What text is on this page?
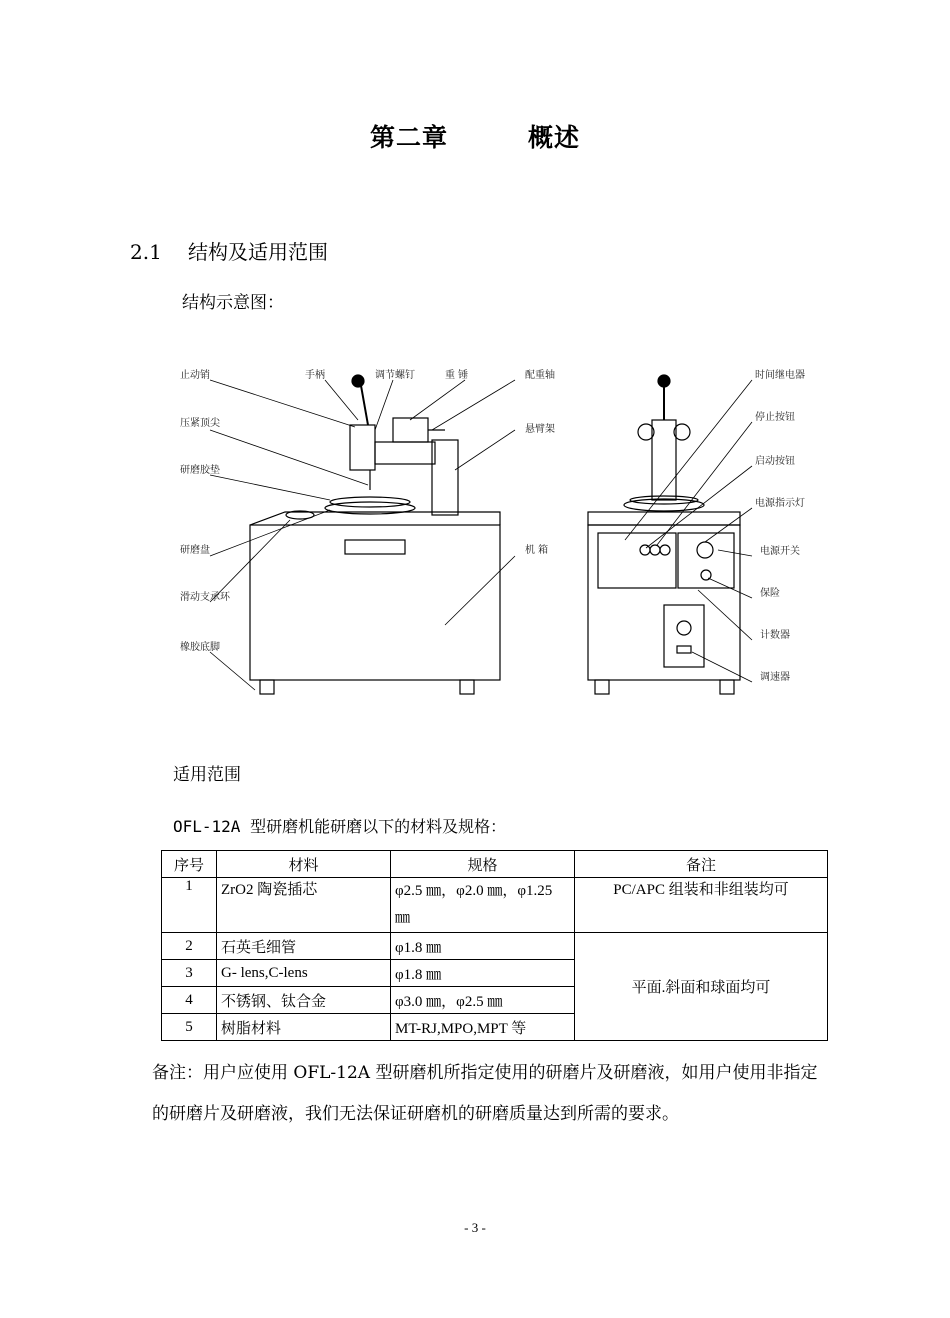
第二章	概述
2.1 结构及适用范围
结构示意图：
止动销
压紧顶尖
研磨胶垫
研磨盘
滑动支承环
橡胶底脚
手柄	调节螺钉	重 锤	配重轴
悬臂架
机 箱
时间继电器
停止按钮
启动按钮
电源指示灯
电源开关
保险
计数器
调速器
适用范围
OFL-12A 型研磨机能研磨以下的材料及规格：
序号	材料	规格	备注
1	ZrO2 陶瓷插芯	φ2.5 ㎜，φ2.0 ㎜，φ1.25 ㎜	PC/APC 组装和非组装均可
2	石英毛细管	φ1.8 ㎜	平面.斜面和球面均可
3	G- lens,C-lens	φ1.8 ㎜	
4	不锈钢、钛合金	φ3.0 ㎜，φ2.5 ㎜	
5	树脂材料	MT-RJ,MPO,MPT 等	
备注：用户应使用 OFL-12A 型研磨机所指定使用的研磨片及研磨液，如用户使用非指定的研磨片及研磨液，我们无法保证研磨机的研磨质量达到所需的要求。
- 3 -
